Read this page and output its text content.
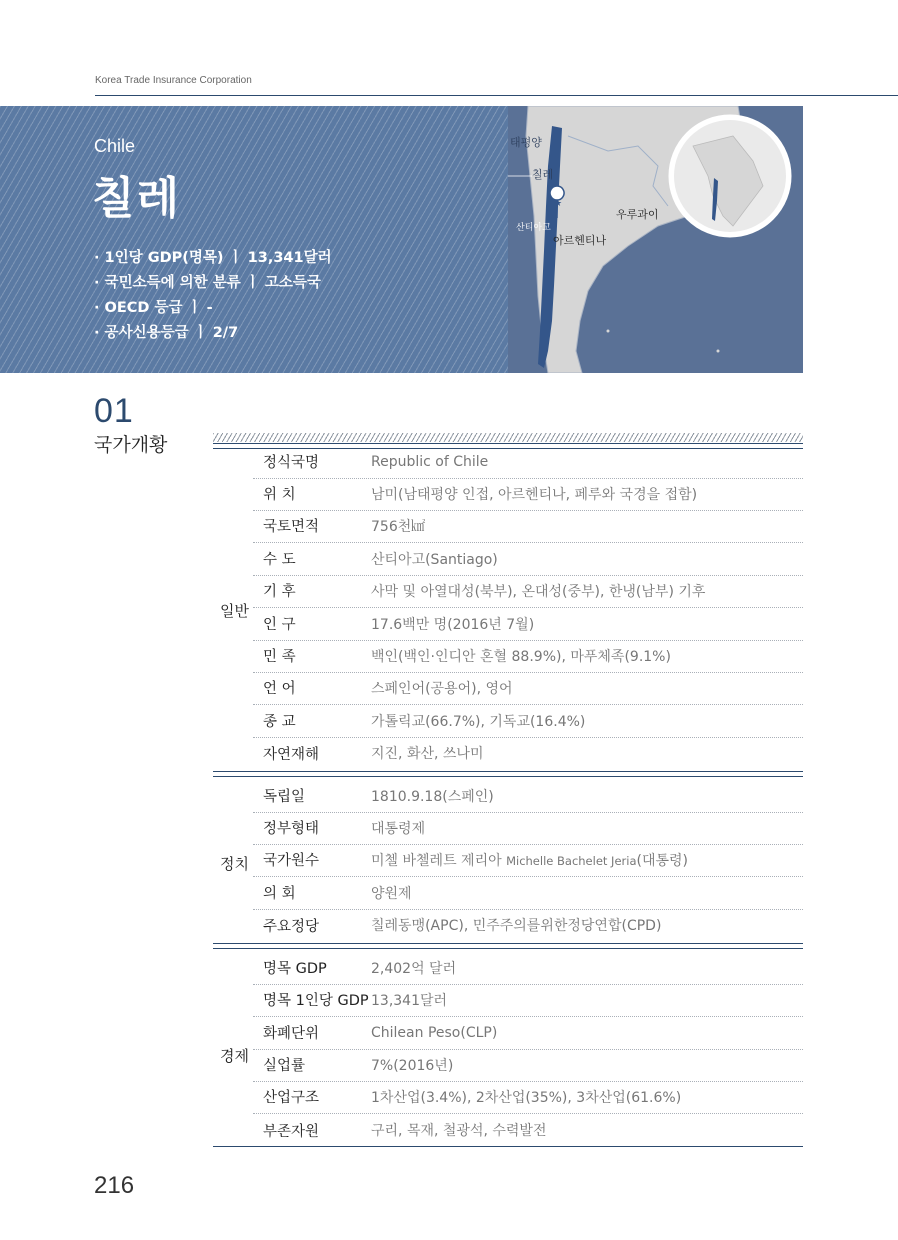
Korea Trade Insurance Corporation
Chile
칠레
· 1인당 GDP(명목) ㅣ 13,341달러
· 국민소득에 의한 분류 ㅣ 고소득국
· OECD 등급 ㅣ -
· 공사신용등급 ㅣ 2/7
★
태평양
칠레
산티아고
우루과이
아르헨티나
01
국가개황
일반
정식국명	Republic of Chile
위 치	남미(남태평양 인접, 아르헨티나, 페루와 국경을 접함)
국토면적	756천㎢
수 도	산티아고(Santiago)
기 후	사막 및 아열대성(북부), 온대성(중부), 한냉(남부) 기후
인 구	17.6백만 명(2016년 7월)
민 족	백인(백인·인디안 혼혈 88.9%), 마푸체족(9.1%)
언 어	스페인어(공용어), 영어
종 교	가톨릭교(66.7%), 기독교(16.4%)
자연재해	지진, 화산, 쓰나미
정치
독립일	1810.9.18(스페인)
정부형태	대통령제
국가원수	미첼 바첼레트 제리아 Michelle Bachelet Jeria(대통령)
의 회	양원제
주요정당	칠레동맹(APC), 민주주의를위한정당연합(CPD)
경제
명목 GDP	2,402억 달러
명목 1인당 GDP 13,341달러
화폐단위	Chilean Peso(CLP)
실업률	7%(2016년)
산업구조	1차산업(3.4%), 2차산업(35%), 3차산업(61.6%)
부존자원	구리, 목재, 철광석, 수력발전
216
